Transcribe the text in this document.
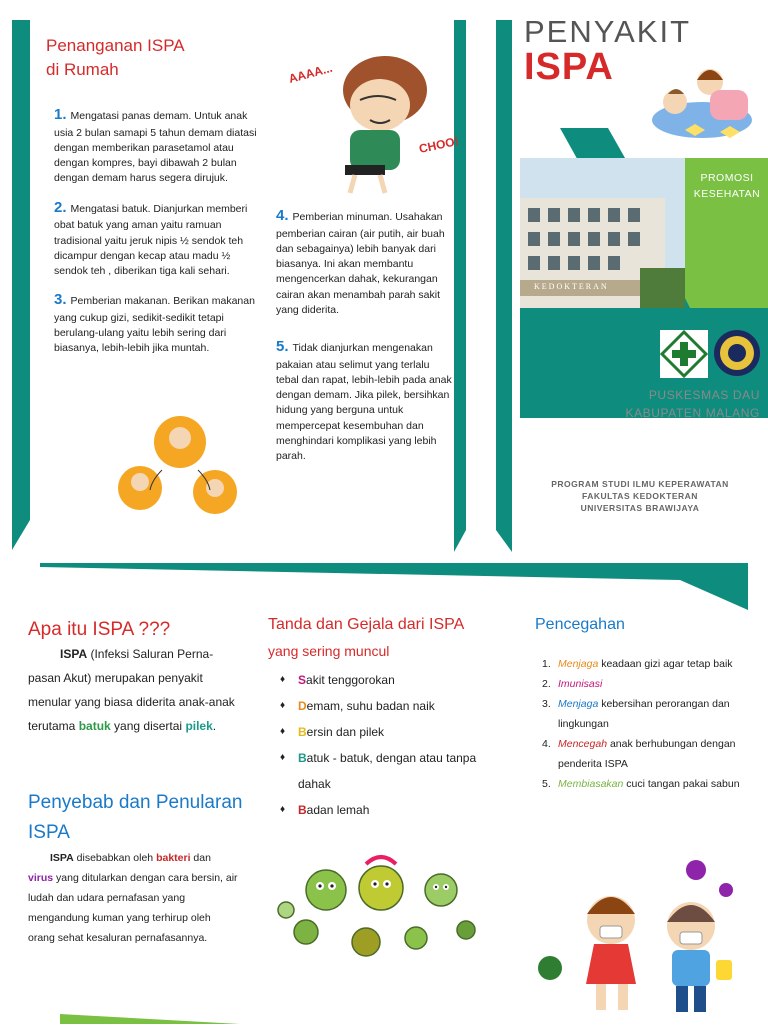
Penanganan ISPA
di Rumah	AAAA...
CHOO!

1. Mengatasi panas demam. Untuk anak usia 2 bulan samapi 5 tahun demam diatasi dengan memberikan parasetamol atau dengan kompres, bayi dibawah 2 bulan dengan demam harus segera dirujuk.

2. Mengatasi batuk. Dianjurkan memberi obat batuk yang aman yaitu ramuan tradisional yaitu jeruk nipis ½ sendok teh dicampur dengan kecap atau madu ½ sendok teh , diberikan tiga kali sehari.

3. Pemberian makanan. Berikan makanan yang cukup gizi, sedikit-sedikit tetapi berulang-ulang yaitu lebih sering dari biasanya, lebih-lebih jika muntah.

4. Pemberian minuman. Usahakan pemberian cairan (air putih, air buah dan sebagainya) lebih banyak dari biasanya. Ini akan membantu mengencerkan dahak, kekurangan cairan akan menambah parah sakit yang diderita.

5. Tidak dianjurkan mengenakan pakaian atau selimut yang terlalu tebal dan rapat, lebih-lebih pada anak dengan demam. Jika pilek, bersihkan hidung yang berguna untuk mempercepat kesembuhan dan menghindari komplikasi yang lebih parah.

PENYAKIT
ISPA
KEDOKTERAN
PROMOSI
KESEHATAN
PUSKESMAS DAU
KABUPATEN MALANG
PROGRAM STUDI ILMU KEPERAWATAN
FAKULTAS KEDOKTERAN
UNIVERSITAS BRAWIJAYA
Apa itu ISPA ???
ISPA (Infeksi Saluran Perna-pasan Akut) merupakan penyakit menular yang biasa diderita anak-anak terutama batuk yang disertai pilek.
Penyebab dan Penularan
ISPA
ISPA disebabkan oleh bakteri dan virus yang ditularkan dengan cara bersin, air ludah dan udara pernafasan yang mengandung kuman yang terhirup oleh orang sehat kesaluran pernafasannya.
Tanda dan Gejala dari ISPA
yang sering muncul
♦ Sakit tenggorokan
♦ Demam, suhu badan naik
♦ Bersin dan pilek
♦ Batuk - batuk, dengan atau tanpa dahak
♦ Badan lemah
Pencegahan
1. Menjaga keadaan gizi agar tetap baik
2. Imunisasi
3. Menjaga kebersihan perorangan dan lingkungan
4. Mencegah anak berhubungan dengan penderita ISPA
5. Membiasakan cuci tangan pakai sabun
